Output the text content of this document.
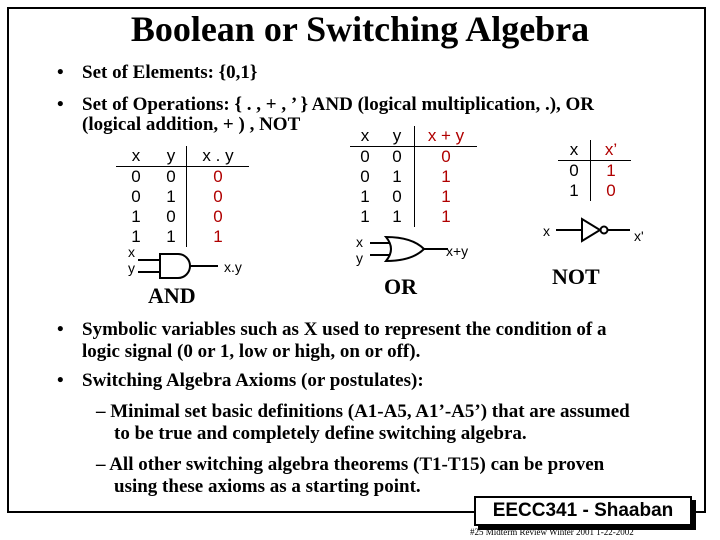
Boolean or Switching Algebra
• Set of Elements: {0,1}
• Set of Operations: { . , + , ’ } AND (logical multiplication, .), OR
(logical addition, + ) , NOT
x	y	x . y
0	0	0
0	1	0
1	0	0
1	1	1
x	y	x + y
0	0	0
0	1	1
1	0	1
1	1	1
x	x’
0	1
1	0
x
y	x.y
AND
x
y	x+y
OR
x	x'
NOT
• Symbolic variables such as X used to represent the condition of a
logic signal (0 or 1, low or high, on or off).
• Switching Algebra Axioms (or postulates):
– Minimal set basic definitions (A1-A5, A1’-A5’) that are assumed
to be true and completely define switching algebra.
– All other switching algebra theorems (T1-T15) can be proven
using these axioms as a starting point.
EECC341 - Shaaban
#25 Midterm Review Winter 2001 1-22-2002
